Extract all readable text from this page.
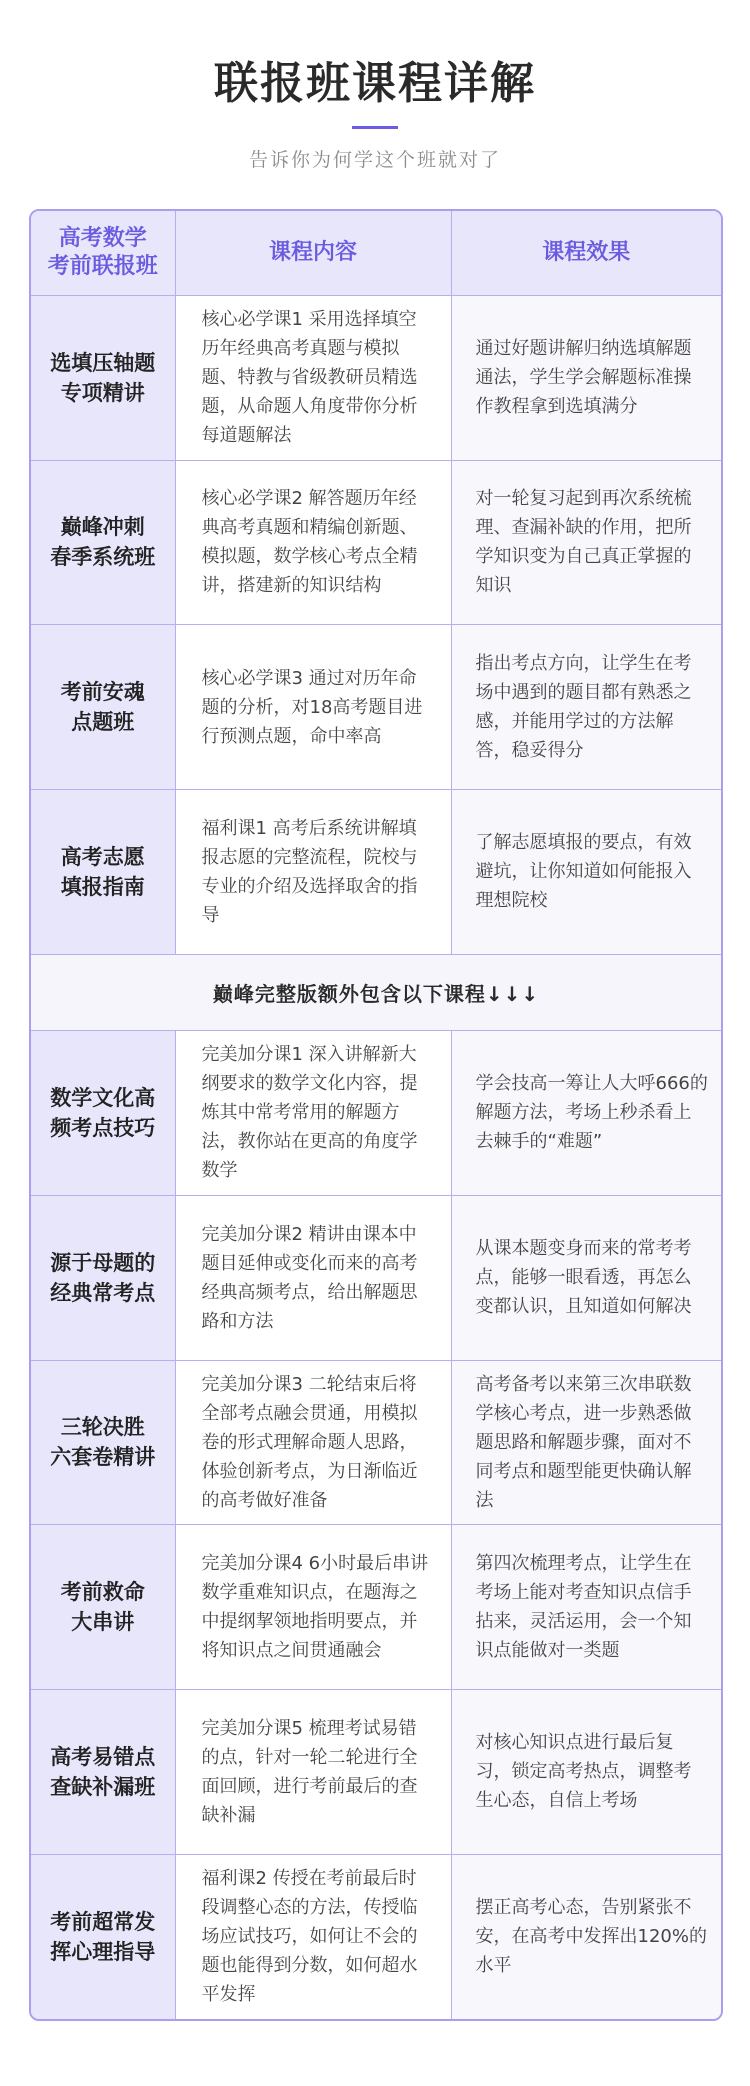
联报班课程详解
告诉你为何学这个班就对了
高考数学
考前联报班	课程内容	课程效果
选填压轴题
专项精讲	核心必学课1 采用选择填空历年经典高考真题与模拟题、特教与省级教研员精选题，从命题人角度带你分析每道题解法	通过好题讲解归纳选填解题通法，学生学会解题标准操作教程拿到选填满分
巅峰冲刺
春季系统班	核心必学课2 解答题历年经典高考真题和精编创新题、模拟题，数学核心考点全精讲，搭建新的知识结构	对一轮复习起到再次系统梳理、查漏补缺的作用，把所学知识变为自己真正掌握的知识
考前安魂
点题班	核心必学课3 通过对历年命题的分析，对18高考题目进行预测点题，命中率高	指出考点方向，让学生在考场中遇到的题目都有熟悉之感，并能用学过的方法解答，稳妥得分
高考志愿
填报指南	福利课1 高考后系统讲解填报志愿的完整流程，院校与专业的介绍及选择取舍的指导	了解志愿填报的要点，有效避坑，让你知道如何能报入理想院校
巅峰完整版额外包含以下课程↓↓↓		
数学文化高
频考点技巧	完美加分课1 深入讲解新大纲要求的数学文化内容，提炼其中常考常用的解题方法，教你站在更高的角度学数学	学会技高一筹让人大呼666的解题方法，考场上秒杀看上去棘手的“难题”
源于母题的
经典常考点	完美加分课2 精讲由课本中题目延伸或变化而来的高考经典高频考点，给出解题思路和方法	从课本题变身而来的常考考点，能够一眼看透，再怎么变都认识，且知道如何解决
三轮决胜
六套卷精讲	完美加分课3 二轮结束后将全部考点融会贯通，用模拟卷的形式理解命题人思路，体验创新考点，为日渐临近的高考做好准备	高考备考以来第三次串联数学核心考点，进一步熟悉做题思路和解题步骤，面对不同考点和题型能更快确认解法
考前救命
大串讲	完美加分课4 6小时最后串讲数学重难知识点，在题海之中提纲挈领地指明要点，并将知识点之间贯通融会	第四次梳理考点，让学生在考场上能对考查知识点信手拈来，灵活运用，会一个知识点能做对一类题
高考易错点
查缺补漏班	完美加分课5 梳理考试易错的点，针对一轮二轮进行全面回顾，进行考前最后的查缺补漏	对核心知识点进行最后复习，锁定高考热点，调整考生心态，自信上考场
考前超常发
挥心理指导	福利课2 传授在考前最后时段调整心态的方法，传授临场应试技巧，如何让不会的题也能得到分数，如何超水平发挥	摆正高考心态，告别紧张不安，在高考中发挥出120%的水平
